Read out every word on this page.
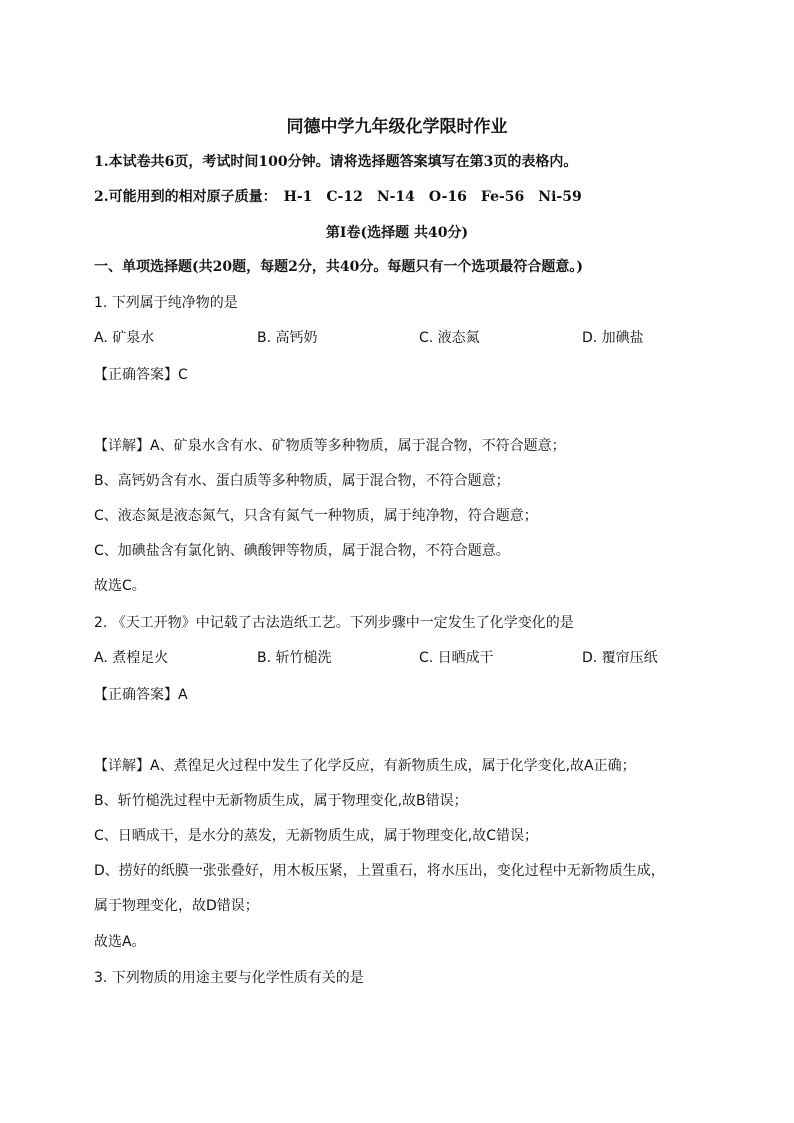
同德中学九年级化学限时作业
1.本试卷共6页，考试时间100分钟。请将选择题答案填写在第3页的表格内。
2.可能用到的相对原子质量：　H-1　C-12　N-14　O-16　Fe-56　Ni-59
第Ⅰ卷(选择题 共40分)
一、单项选择题(共20题，每题2分，共40分。每题只有一个选项最符合题意。)
1. 下列属于纯净物的是
A. 矿泉水	B. 高钙奶	C. 液态氮	D. 加碘盐
【正确答案】C
【详解】A、矿泉水含有水、矿物质等多种物质，属于混合物，不符合题意；
B、高钙奶含有水、蛋白质等多种物质，属于混合物，不符合题意；
C、液态氮是液态氮气，只含有氮气一种物质，属于纯净物，符合题意；
C、加碘盐含有氯化钠、碘酸钾等物质，属于混合物，不符合题意。
故选C。
2. 《天工开物》中记载了古法造纸工艺。下列步骤中一定发生了化学变化的是
A. 煮楻足火	B. 斩竹槌洗	C. 日晒成干	D. 覆帘压纸
【正确答案】A
【详解】A、煮徨足火过程中发生了化学反应，有新物质生成，属于化学变化,故A正确；
B、斩竹槌洗过程中无新物质生成，属于物理变化,故B错误；
C、日晒成干，是水分的蒸发，无新物质生成，属于物理变化,故C错误；
D、捞好的纸膜一张张叠好，用木板压紧，上置重石，将水压出，变化过程中无新物质生成，
属于物理变化，故D错误；
故选A。
3. 下列物质的用途主要与化学性质有关的是
